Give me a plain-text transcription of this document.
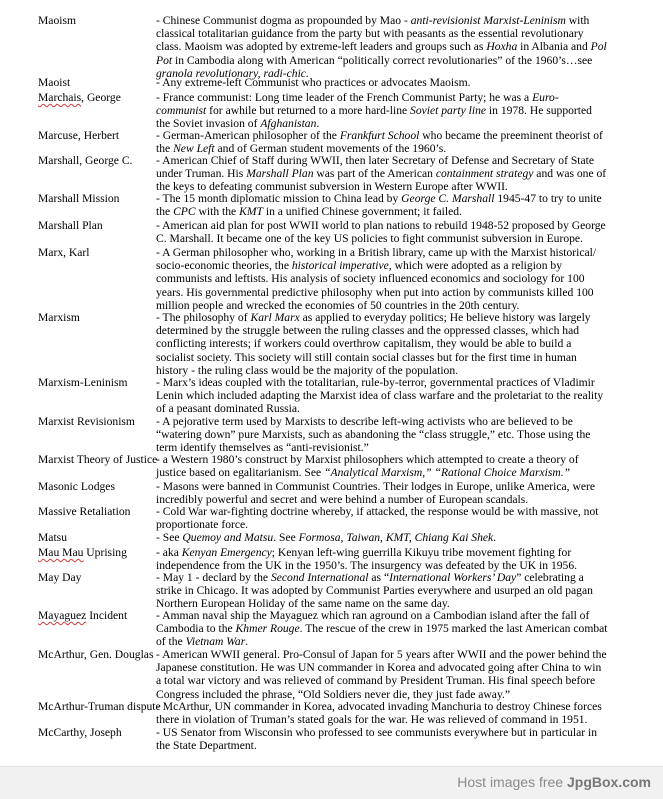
Maoism	- Chinese Communist dogma as propounded by Mao - anti-revisionist Marxist-Leninism with
classical totalitarian guidance from the party but with peasants as the essential revolutionary
class. Maoism was adopted by extreme-left leaders and groups such as Hoxha in Albania and Pol
Pot in Cambodia along with American “politically correct revolutionaries” of the 1960’s…see
granola revolutionary, radi-chic.
Maoist	- Any extreme-left Communist who practices or advocates Maoism.
Marchais, George	- France communist: Long time leader of the French Communist Party; he was a Euro-
communist for awhile but returned to a more hard-line Soviet party line in 1978. He supported
the Soviet invasion of Afghanistan.
Marcuse, Herbert	- German-American philosopher of the Frankfurt School who became the preeminent theorist of
the New Left and of German student movements of the 1960’s.
Marshall, George C. - American Chief of Staff during WWII, then later Secretary of Defense and Secretary of State
under Truman. His Marshall Plan was part of the American containment strategy and was one of
the keys to defeating communist subversion in Western Europe after WWII.
Marshall Mission	- The 15 month diplomatic mission to China lead by George C. Marshall 1945-47 to try to unite
the CPC with the KMT in a unified Chinese government; it failed.
Marshall Plan	- American aid plan for post WWII world to plan nations to rebuild 1948-52 proposed by George
C. Marshall. It became one of the key US policies to fight communist subversion in Europe.
Marx, Karl	- A German philosopher who, working in a British library, came up with the Marxist historical/
socio-economic theories, the historical imperative, which were adopted as a religion by
communists and leftists. His analysis of society influenced economics and sociology for 100
years. His governmental predictive philosophy when put into action by communists killed 100
million people and wrecked the economies of 50 countries in the 20th century.
Marxism	- The philosophy of Karl Marx as applied to everyday politics; He believe history was largely
determined by the struggle between the ruling classes and the oppressed classes, which had
conflicting interests; if workers could overthrow capitalism, they would be able to build a
socialist society. This society will still contain social classes but for the first time in human
history - the ruling class would be the majority of the population.
Marxism-Leninism - Marx’s ideas coupled with the totalitarian, rule-by-terror, governmental practices of Vladimir
Lenin which included adapting the Marxist idea of class warfare and the proletariat to the reality
of a peasant dominated Russia.
Marxist Revisionism - A pejorative term used by Marxists to describe left-wing activists who are believed to be
“watering down” pure Marxists, such as abandoning the “class struggle,” etc. Those using the
term identify themselves as “anti-revisionist.”
Marxist Theory of Justice
- a Western 1980’s construct by Marxist philosophers which attempted to create a theory of
justice based on egalitarianism. See “Analytical Marxism,” “Rational Choice Marxism.”
Masonic Lodges	- Masons were banned in Communist Countries. Their lodges in Europe, unlike America, were
incredibly powerful and secret and were behind a number of European scandals.
Massive Retaliation - Cold War war-fighting doctrine whereby, if attacked, the response would be with massive, not
proportionate force.
Matsu	- See Quemoy and Matsu. See Formosa, Taiwan, KMT, Chiang Kai Shek.
Mau Mau Uprising	- aka Kenyan Emergency; Kenyan left-wing guerrilla Kikuyu tribe movement fighting for
independence from the UK in the 1950’s. The insurgency was defeated by the UK in 1956.
May Day	- May 1 - declard by the Second International as “International Workers’ Day” celebrating a
strike in Chicago. It was adopted by Communist Parties everywhere and usurped an old pagan
Northern European Holiday of the same name on the same day.
Mayaguez Incident - Amman naval ship the Mayaguez which ran aground on a Cambodian island after the fall of
Cambodia to the Khmer Rouge. The rescue of the crew in 1975 marked the last American combat
of the Vietnam War.
McArthur, Gen. Douglas - American WWII general. Pro-Consul of Japan for 5 years after WWII and the power behind the
Japanese constitution. He was UN commander in Korea and advocated going after China to win
a total war victory and was relieved of command by President Truman. His final speech before
Congress included the phrase, “Old Soldiers never die, they just fade away.”
McArthur-Truman dispute
- McArthur, UN commander in Korea, advocated invading Manchuria to destroy Chinese forces
there in violation of Truman’s stated goals for the war. He was relieved of command in 1951.
McCarthy, Joseph	- US Senator from Wisconsin who professed to see communists everywhere but in particular in
the State Department.
Host images free JpgBox.com
